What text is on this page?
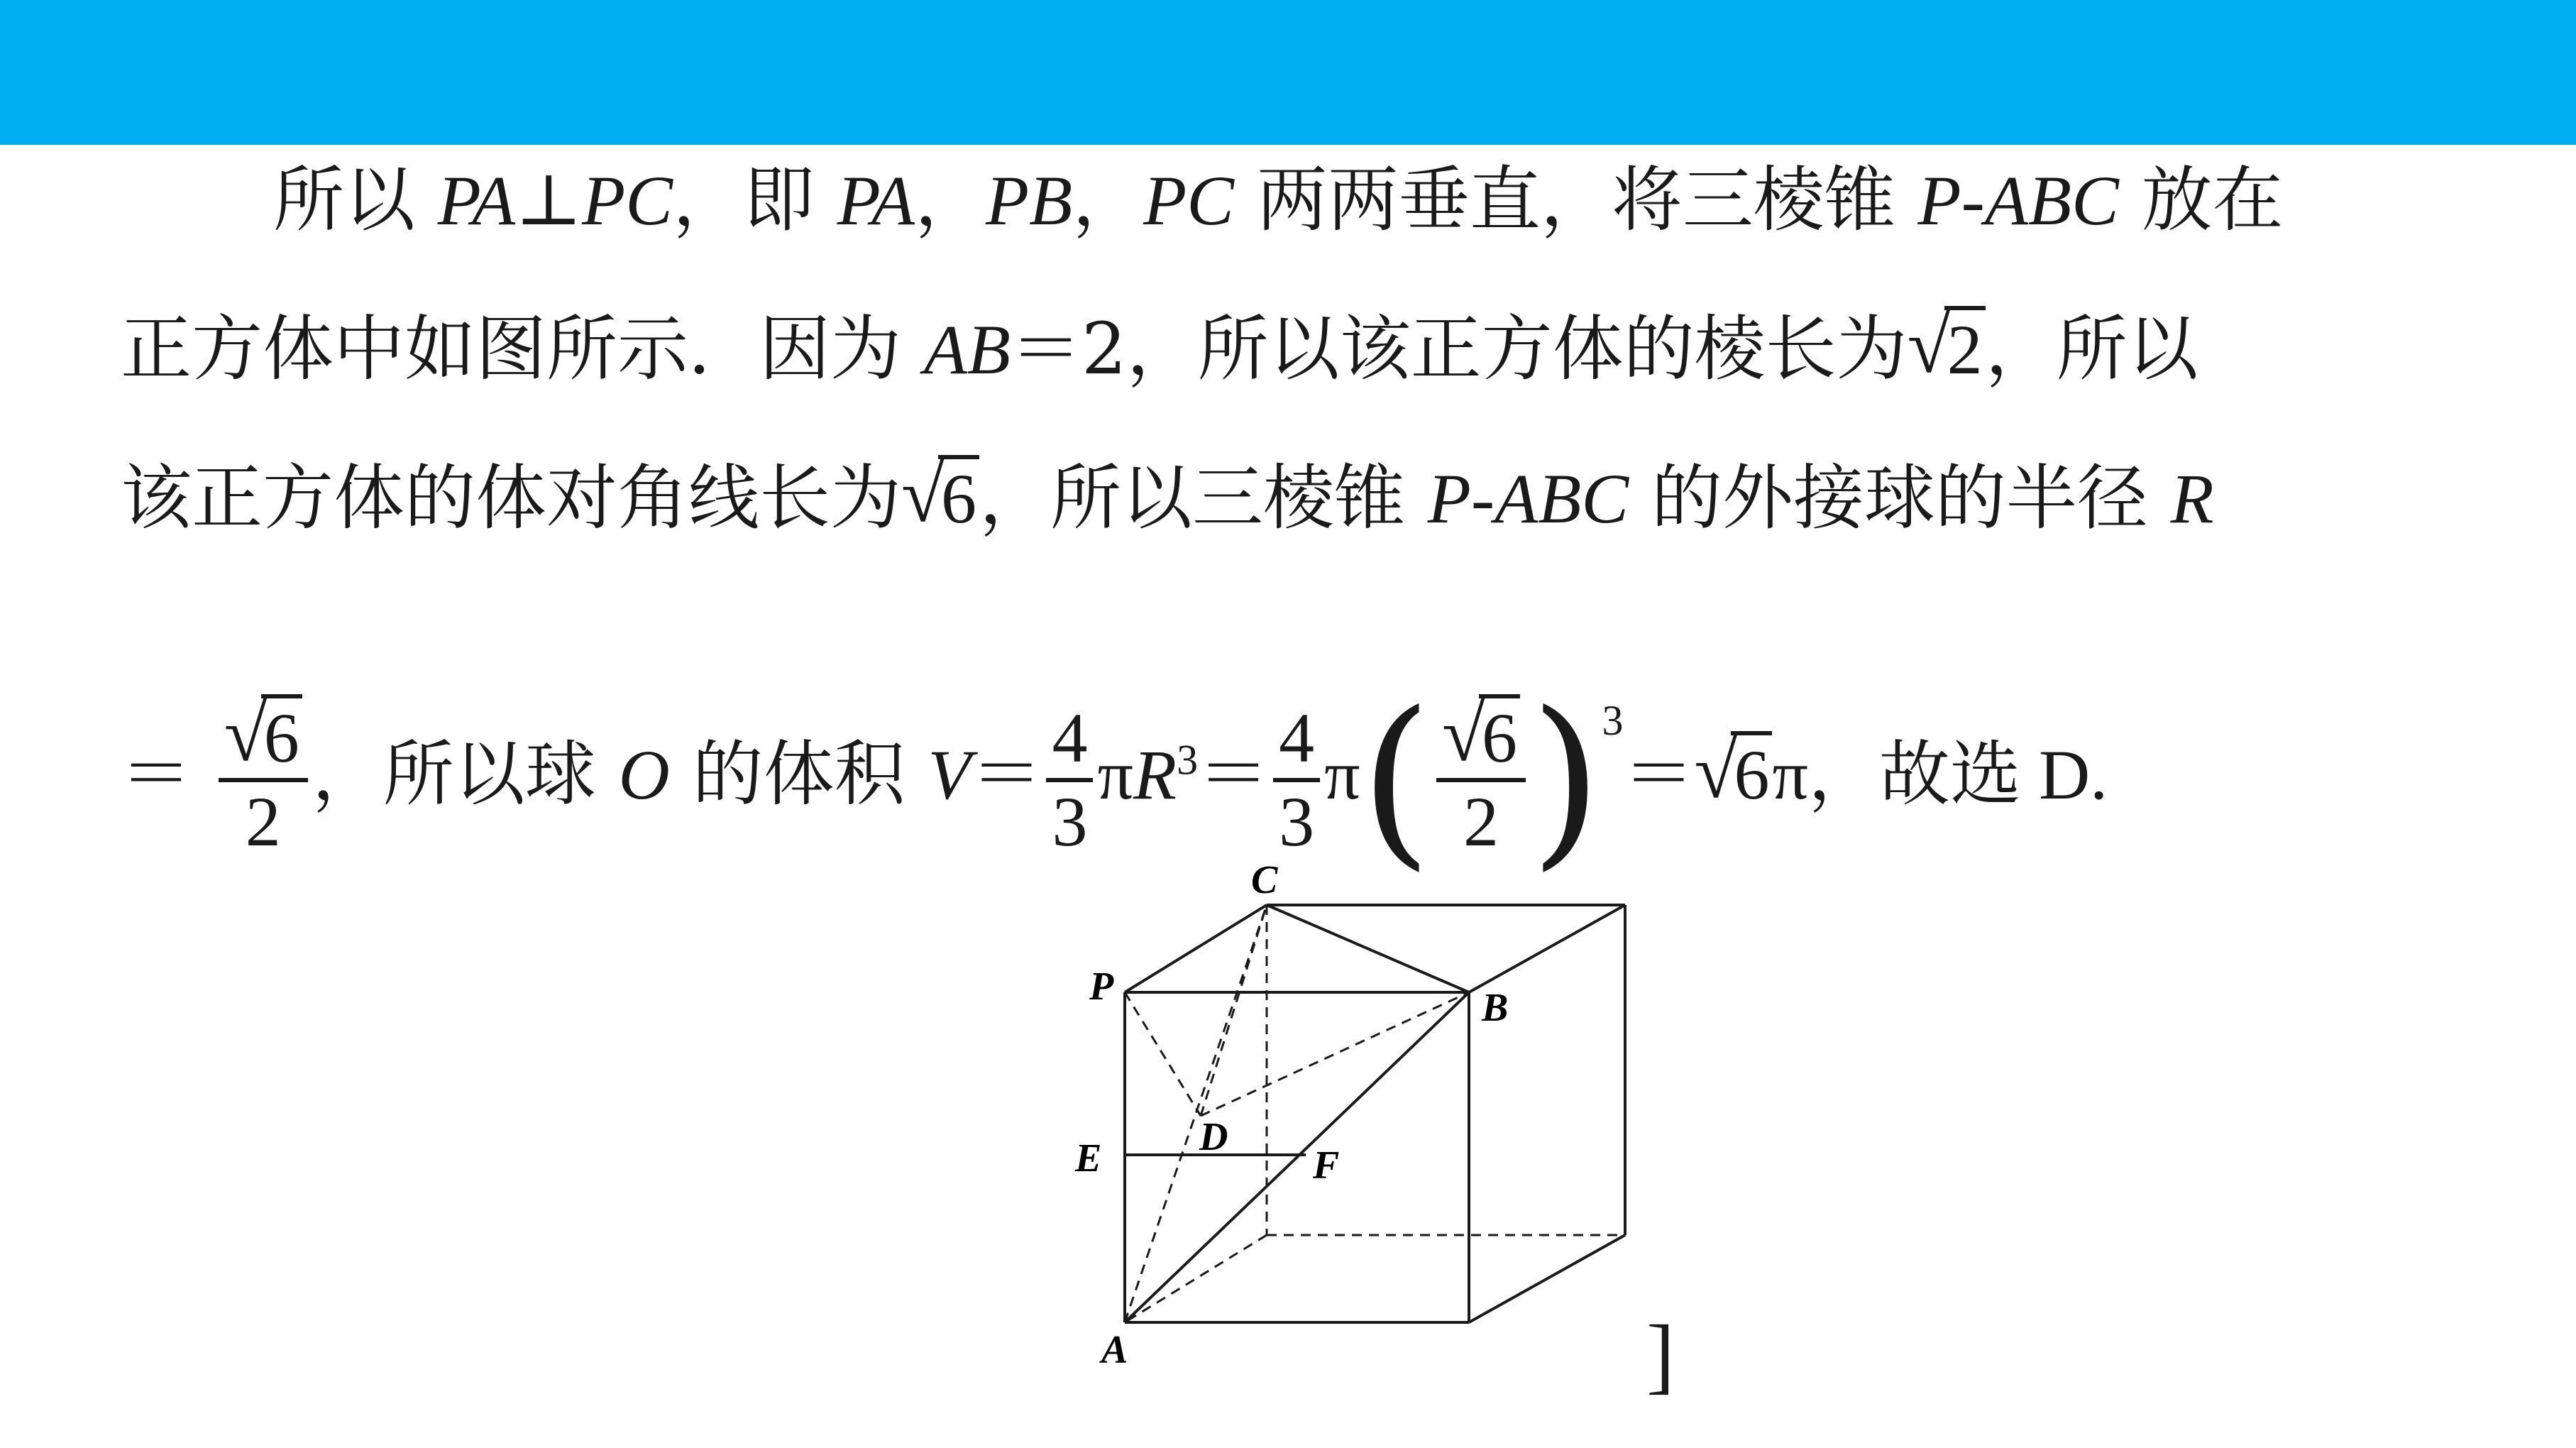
所以 PA⊥PC，即 PA，PB，PC 两两垂直，将三棱锥 P-ABC 放在
正方体中如图所示．因为 AB＝2，所以该正方体的棱长为 √
2，所以
该正方体的体对角线长为 √
6，所以三棱锥 P-ABC 的外接球的半径 R
＝ √
6
2 ，所以球 O 的体积 $V= \frac{4}{3} \pi R^3= \frac{4}{3} \pi$( √
6
2 )$^3$＝ √
6π，故选 D.
C
P	B
D
E	F
A	]
